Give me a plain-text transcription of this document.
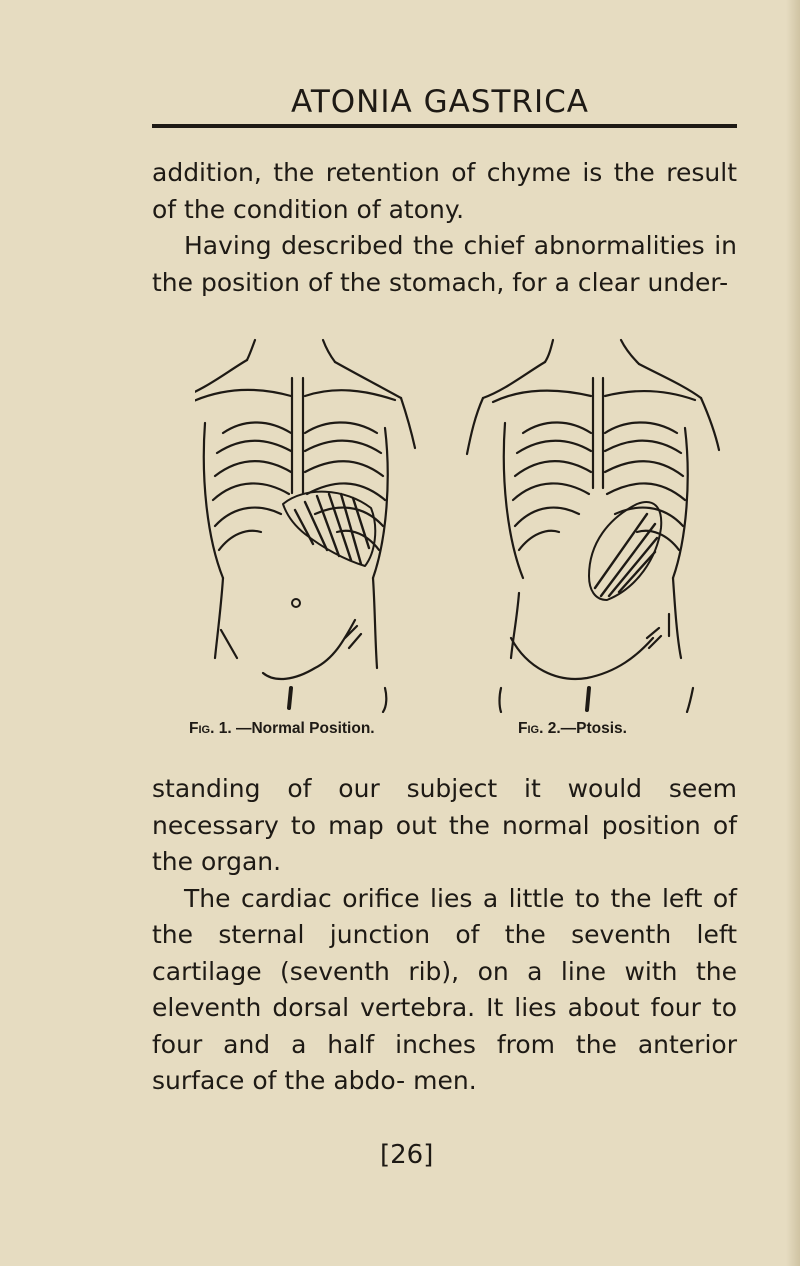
ATONIA GASTRICA

addition, the retention of chyme is the result of the condition of atony.

Having described the chief abnormalities in the position of the stomach, for a clear under-

Fig. 1. —Normal Position.	Fig. 2.—Ptosis.

standing of our subject it would seem necessary to map out the normal position of the organ.

The cardiac orifice lies a little to the left of the sternal junction of the seventh left cartilage (seventh rib), on a line with the eleventh dorsal vertebra. It lies about four to four and a half inches from the anterior surface of the abdo- men.

[26]
